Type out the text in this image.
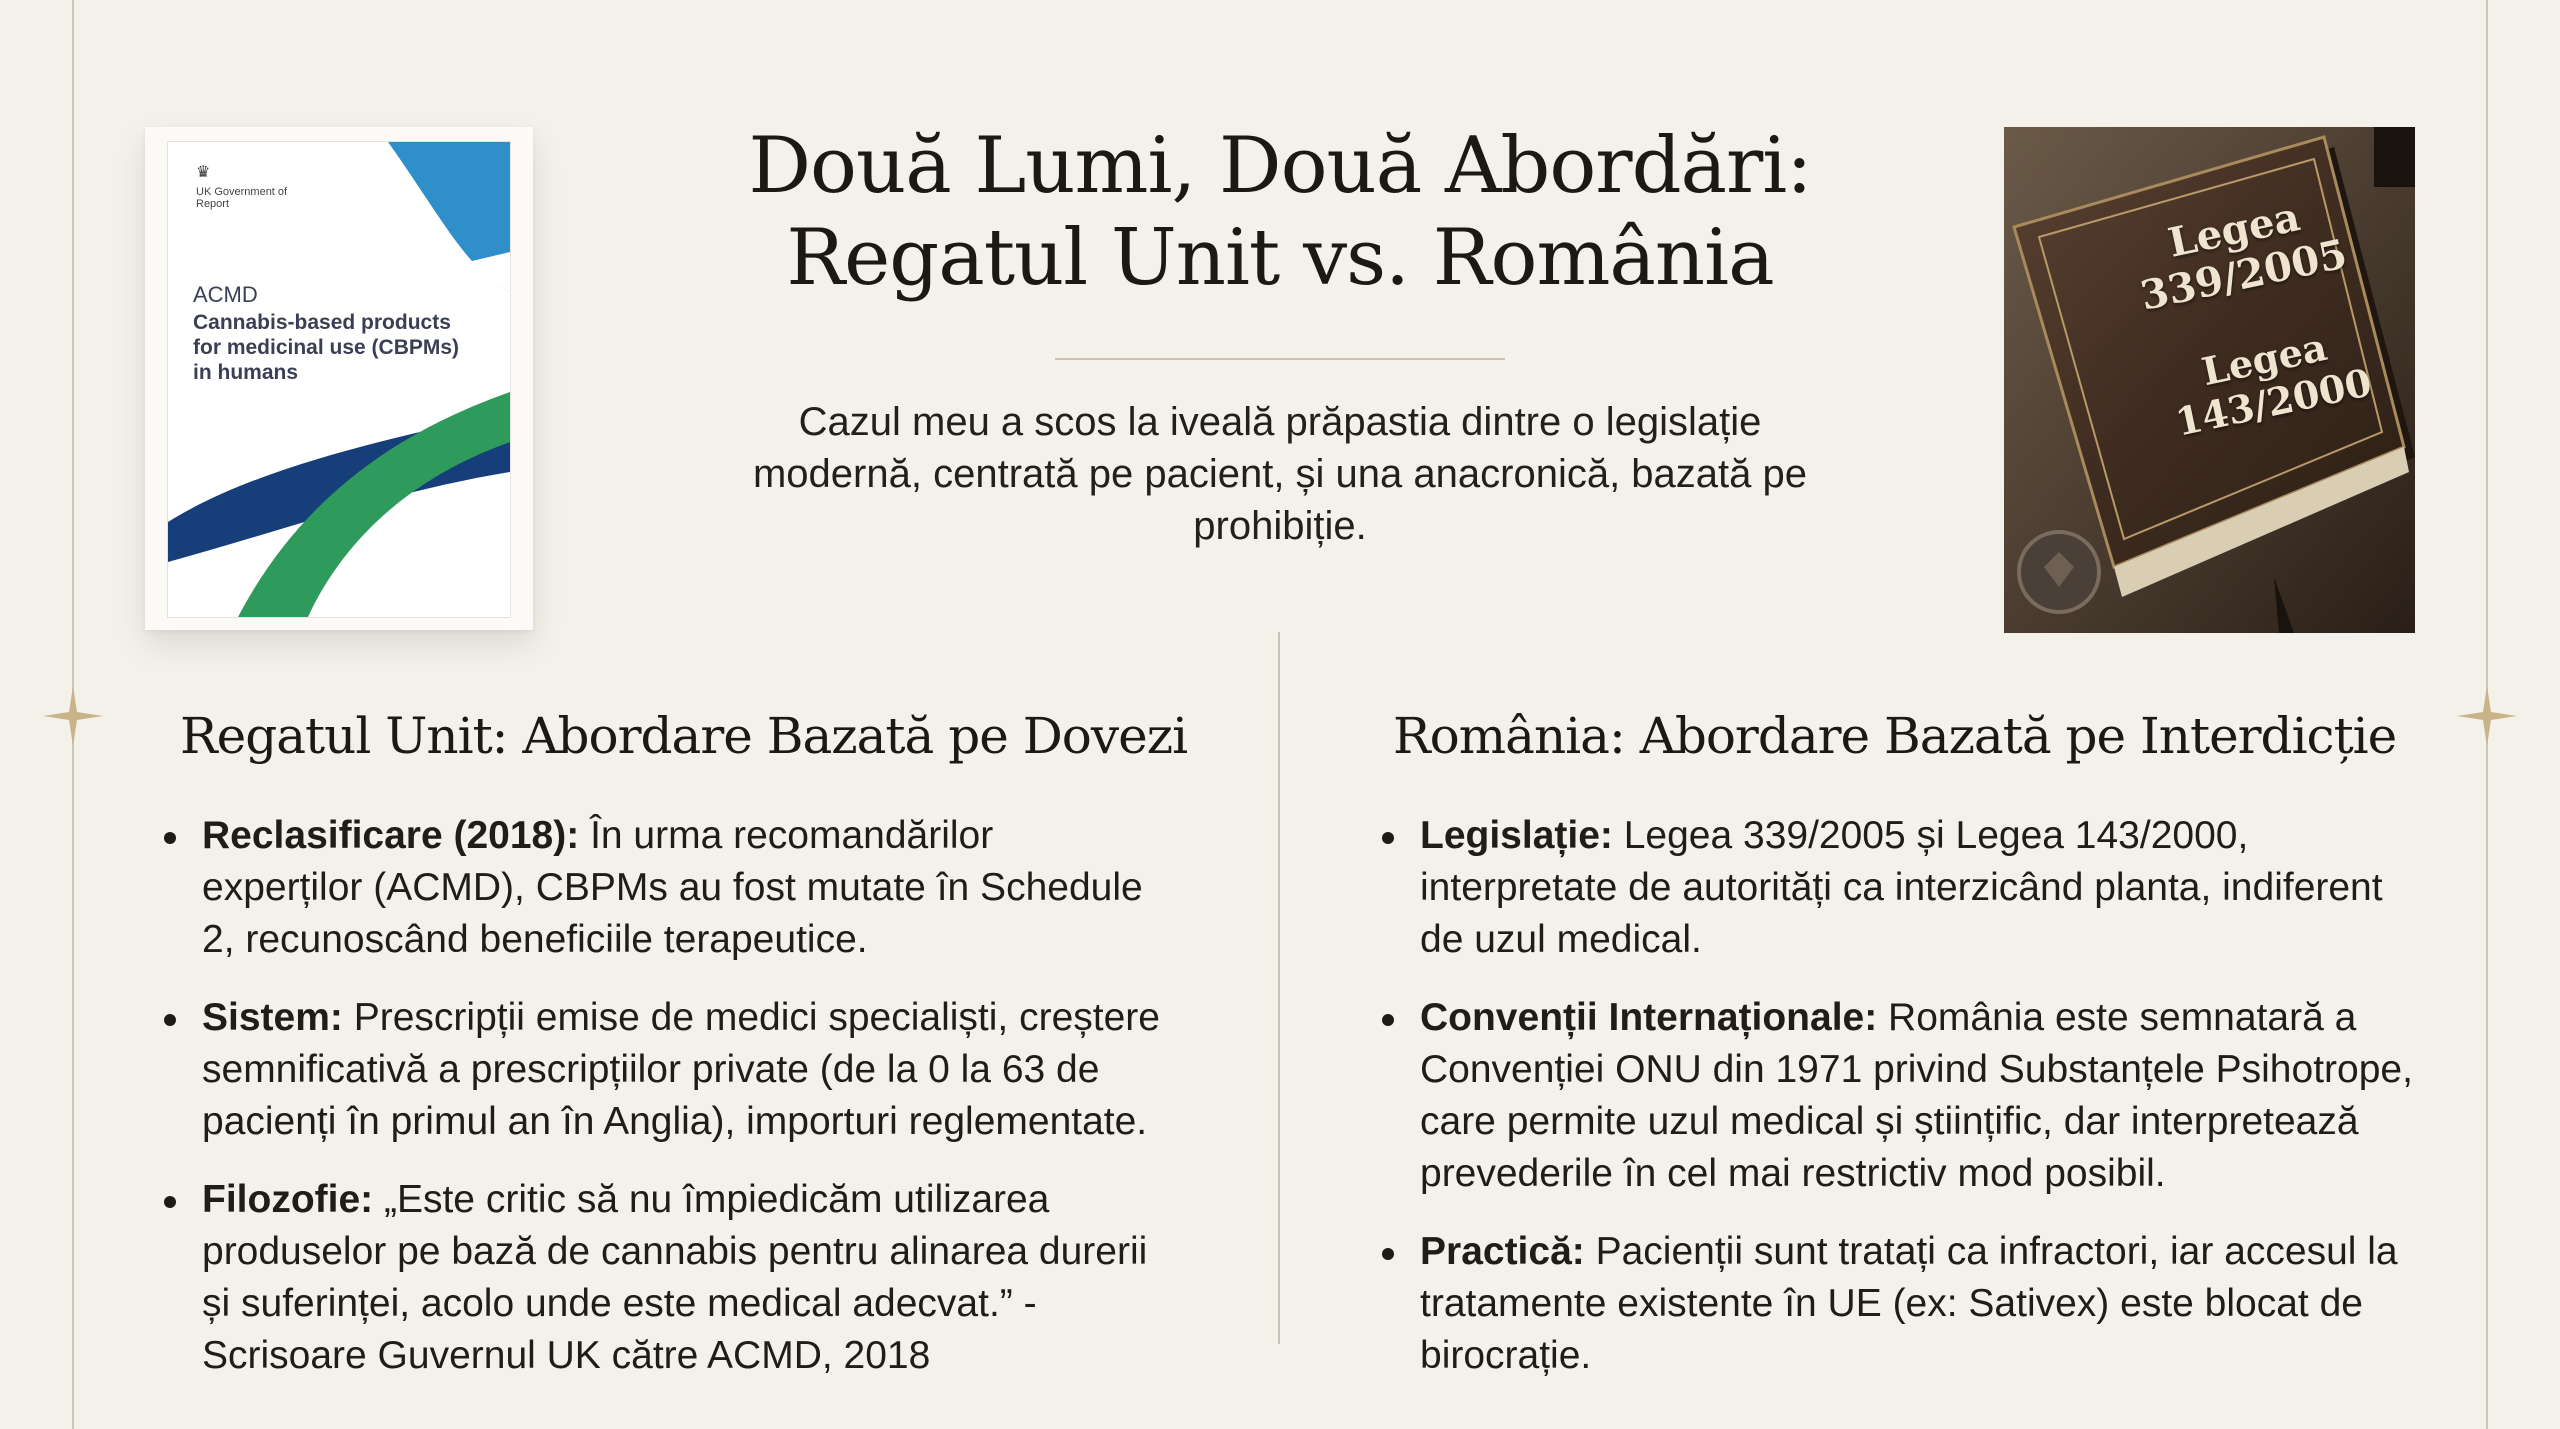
♛
UK Government of Report
ACMD
Cannabis-based products for medicinal use (CBPMs) in humans
Legea 339/2005
Legea 143/2000
Două Lumi, Două Abordări:
Regatul Unit vs. România
Cazul meu a scos la iveală prăpastia dintre o legislație modernă, centrată pe pacient, și una anacronică, bazată pe prohibiție.
Regatul Unit: Abordare Bazată pe Dovezi
Reclasificare (2018): În urma recomandărilor experților (ACMD), CBPMs au fost mutate în Schedule 2, recunoscând beneficiile terapeutice.
Sistem: Prescripții emise de medici specialiști, creștere semnificativă a prescripțiilor private (de la 0 la 63 de pacienți în primul an în Anglia), importuri reglementate.
Filozofie: „Este critic să nu împiedicăm utilizarea produselor pe bază de cannabis pentru alinarea durerii și suferinței, acolo unde este medical adecvat.” - Scrisoare Guvernul UK către ACMD, 2018
România: Abordare Bazată pe Interdicție
Legislație: Legea 339/2005 și Legea 143/2000, interpretate de autorități ca interzicând planta, indiferent de uzul medical.
Convenții Internaționale: România este semnatară a Convenției ONU din 1971 privind Substanțele Psihotrope, care permite uzul medical și științific, dar interpretează prevederile în cel mai restrictiv mod posibil.
Practică: Pacienții sunt tratați ca infractori, iar accesul la tratamente existente în UE (ex: Sativex) este blocat de birocrație.
